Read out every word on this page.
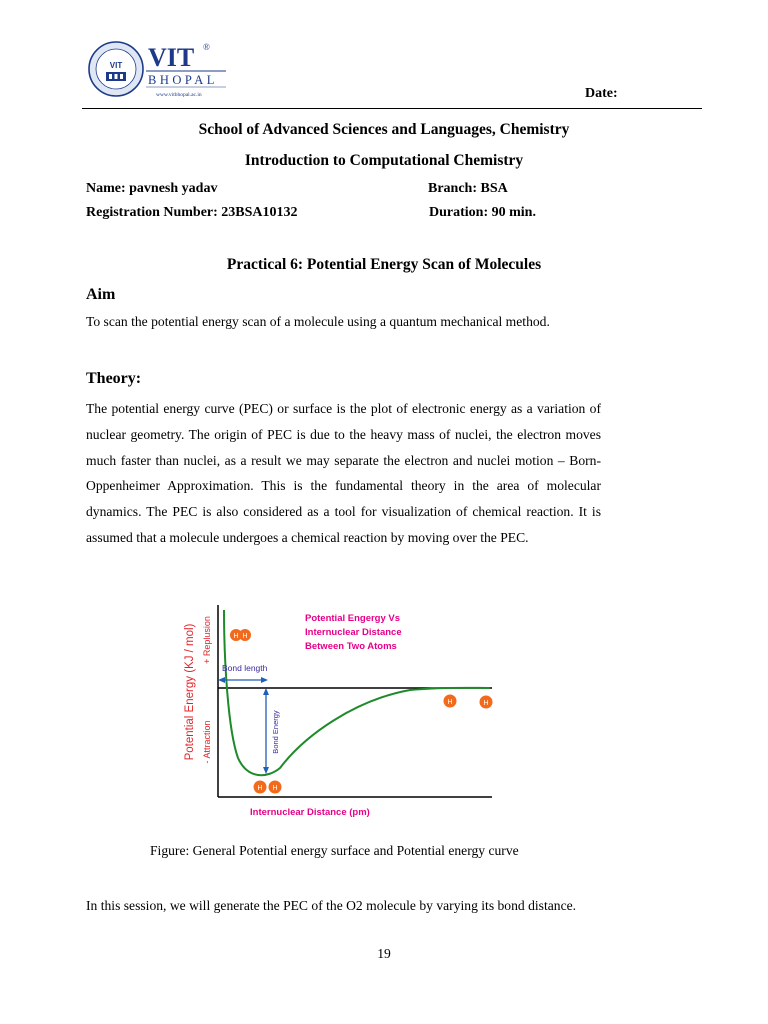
VIT VIT ®
BHOPAL
www.vitbhopal.ac.in	Date:
School of Advanced Sciences and Languages, Chemistry
Introduction to Computational Chemistry
Name: pavnesh yadav	Branch: BSA
Registration Number: 23BSA10132	Duration: 90 min.
Practical 6: Potential Energy Scan of Molecules
Aim
To scan the potential energy scan of a molecule using a quantum mechanical method.
Theory:
The potential energy curve (PEC) or surface is the plot of electronic energy as a variation of nuclear geometry. The origin of PEC is due to the heavy mass of nuclei, the electron moves much faster than nuclei, as a result we may separate the electron and nuclei motion – Born-Oppenheimer Approximation. This is the fundamental theory in the area of molecular dynamics. The PEC is also considered as a tool for visualization of chemical reaction. It is assumed that a molecule undergoes a chemical reaction by moving over the PEC.
Potential Energy (KJ / mol) + Replusion
- Attraction
Potential Engergy Vs
Internuclear Distance
Between Two Atoms
Bond length
Bond Energy
H H
H H
H	H
Internuclear Distance (pm)
Figure: General Potential energy surface and Potential energy curve
In this session, we will generate the PEC of the O2 molecule by varying its bond distance.
19
